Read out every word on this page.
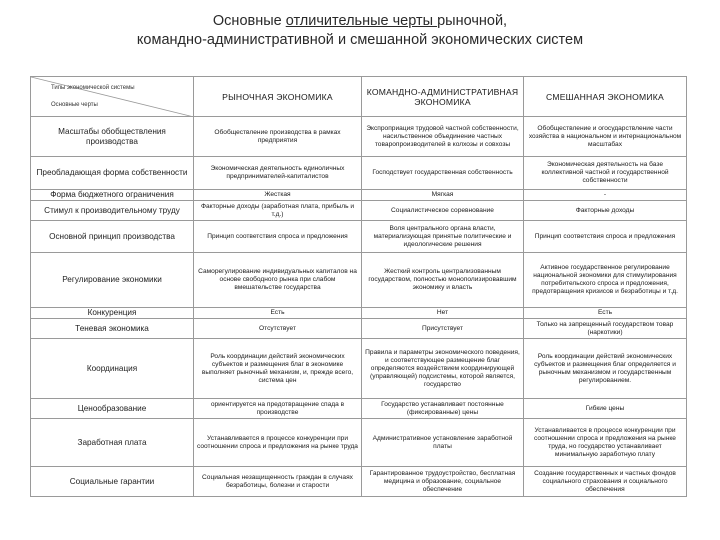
Основные отличительные черты рыночной,
командно-административной и смешанной экономических систем
Типы экономической системы
Основные черты	РЫНОЧНАЯ ЭКОНОМИКА	КОМАНДНО-АДМИНИСТРАТИВНАЯ ЭКОНОМИКА	СМЕШАННАЯ ЭКОНОМИКА
Масштабы обобществления производства	Обобществление производства в рамках предприятия	Экспроприация трудовой частной собственности, насильственное объединение частных товаропроизводителей в колхозы и совхозы	Обобществление и огосударствление части хозяйства в национальном и интернациональном масштабах
Преобладающая форма собственности	Экономическая деятельность единоличных предпринимателей-капиталистов	Господствует государственная собственность	Экономическая деятельность на базе коллективной частной и государственной собственности
Форма бюджетного ограничения	Жесткая	Мягкая	-
Стимул к производительному труду	Факторные доходы (заработная плата, прибыль и т.д.)	Социалистическое соревнование	Факторные доходы
Основной принцип производства	Принцип соответствия спроса и предложения	Воля центрального органа власти, материализующая принятые политические и идеологические решения	Принцип соответствия спроса и предложения
Регулирование экономики	Саморегулирование индивидуальных капиталов на основе свободного рынка при слабом вмешательстве государства	Жесткий контроль централизованным государством, полностью монополизировавшим экономику и власть	Активное государственное регулирование национальной экономики для стимулирования потребительского спроса и предложения, предотвращения кризисов и безработицы и т.д.
Конкуренция	Есть	Нет	Есть
Теневая экономика	Отсутствует	Присутствует	Только на запрещенный государством товар (наркотики)
Координация	Роль координации действий экономических субъектов и размещения благ в экономике выполняет рыночный механизм, и, прежде всего, система цен	Правила и параметры экономического поведения, и соответствующее размещение благ определяются воздействием координирующей (управляющей) подсистемы, которой является, государство	Роль координации действий экономических субъектов и размещения благ определяется и рыночным механизмом и государственным регулированием.
Ценообразование	ориентируется на предотвращение спада в производстве	Государство устанавливает постоянные (фиксированные) цены	Гибкие цены
Заработная плата	Устанавливается в процессе конкуренции при соотношении спроса и предложения на рынке труда	Административное установление заработной платы	Устанавливается в процессе конкуренции при соотношении спроса и предложения на рынке труда, но государство устанавливает минимальную заработную плату
Социальные гарантии	Социальная незащищенность граждан в случаях безработицы, болезни и старости	Гарантированное трудоустройство, бесплатная медицина и образование, социальное обеспечение	Создание государственных и частных фондов социального страхования и социального обеспечения
